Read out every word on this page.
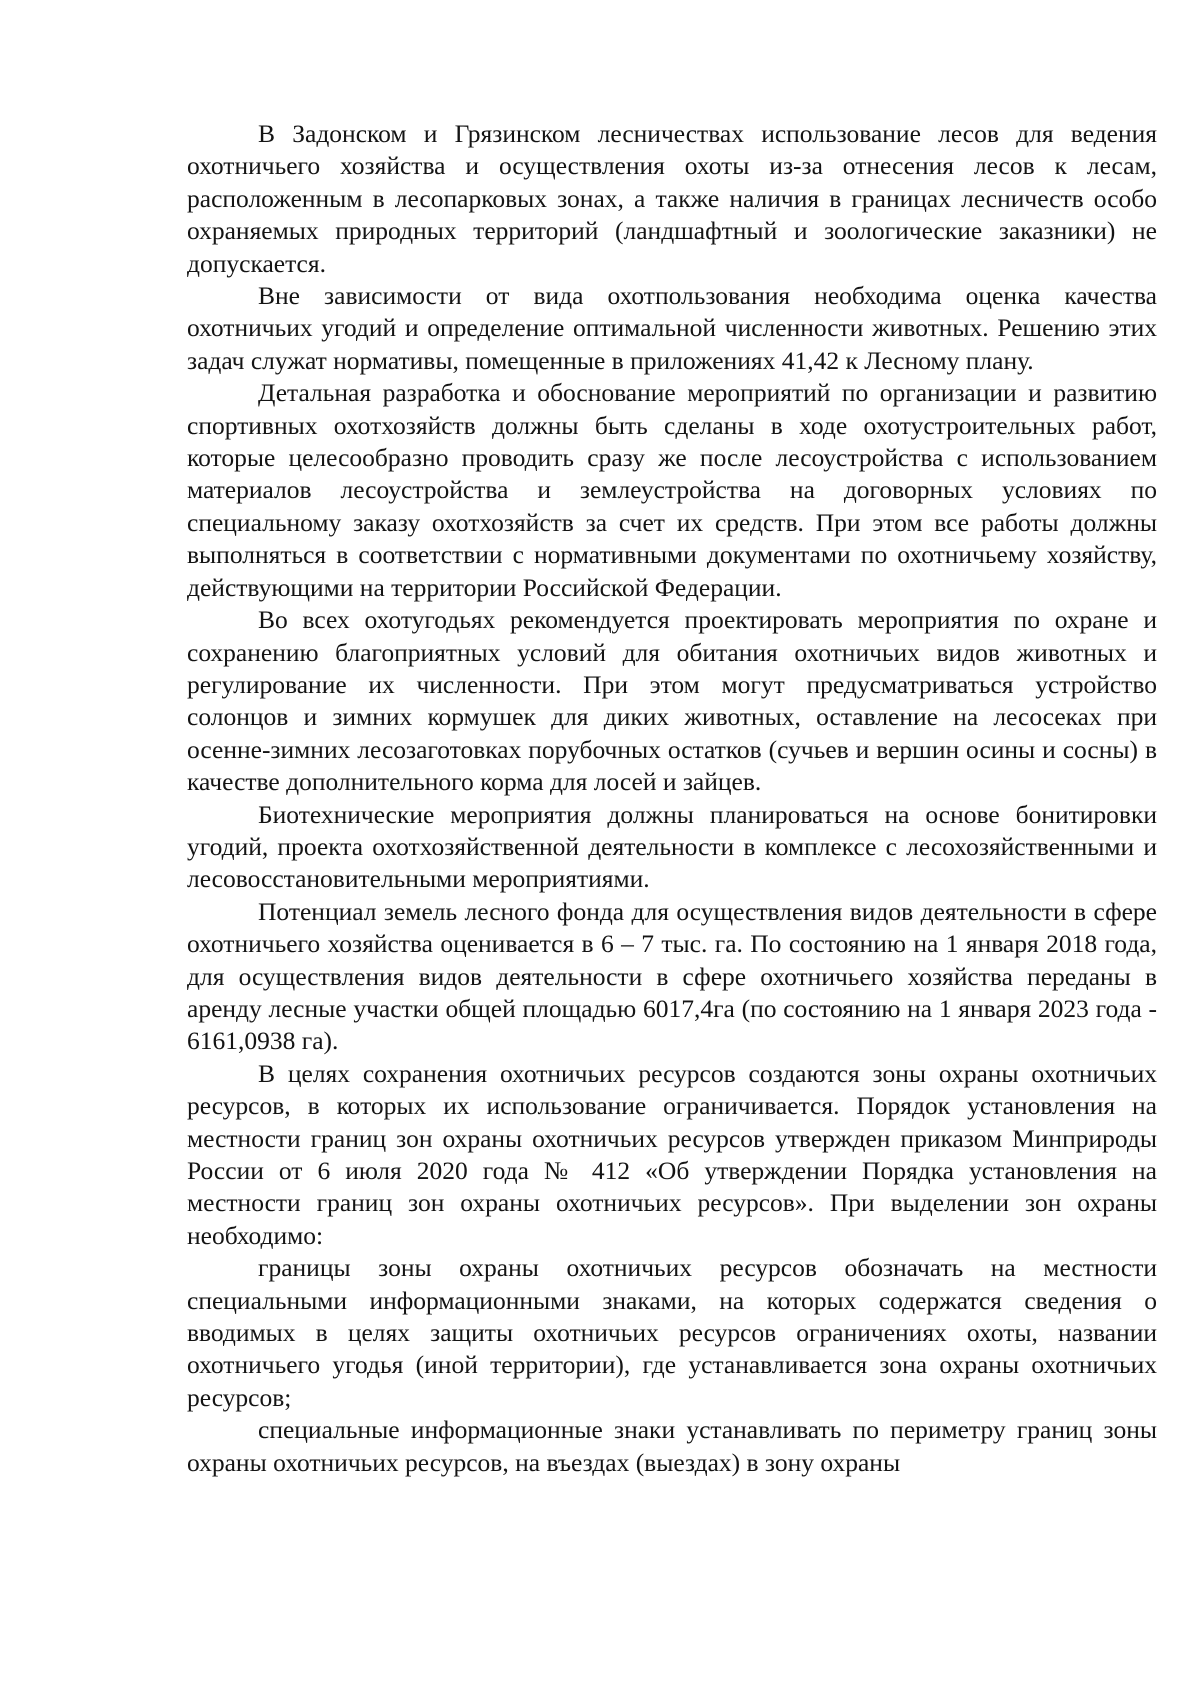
В Задонском и Грязинском лесничествах использование лесов для ведения охотничьего хозяйства и осуществления охоты из-за отнесения лесов к лесам, расположенным в лесопарковых зонах, а также наличия в границах лесничеств особо охраняемых природных территорий (ландшафтный и зоологические заказники) не допускается.

Вне зависимости от вида охотпользования необходима оценка качества охотничьих угодий и определение оптимальной численности животных. Решению этих задач служат нормативы, помещенные в приложениях 41,42 к Лесному плану.

Детальная разработка и обоснование мероприятий по организации и развитию спортивных охотхозяйств должны быть сделаны в ходе охотустроительных работ, которые целесообразно проводить сразу же после лесоустройства с использованием материалов лесоустройства и землеустройства на договорных условиях по специальному заказу охотхозяйств за счет их средств. При этом все работы должны выполняться в соответствии с нормативными документами по охотничьему хозяйству, действующими на территории Российской Федерации.

Во всех охотугодьях рекомендуется проектировать мероприятия по охране и сохранению благоприятных условий для обитания охотничьих видов животных и регулирование их численности. При этом могут предусматриваться устройство солонцов и зимних кормушек для диких животных, оставление на лесосеках при осенне-зимних лесозаготовках порубочных остатков (сучьев и вершин осины и сосны) в качестве дополнительного корма для лосей и зайцев.

Биотехнические мероприятия должны планироваться на основе бонитировки угодий, проекта охотхозяйственной деятельности в комплексе с лесохозяйственными и лесовосстановительными мероприятиями.

Потенциал земель лесного фонда для осуществления видов деятельности в сфере охотничьего хозяйства оценивается в 6 – 7 тыс. га. По состоянию на 1 января 2018 года, для осуществления видов деятельности в сфере охотничьего хозяйства переданы в аренду лесные участки общей площадью 6017,4га (по состоянию на 1 января 2023 года - 6161,0938 га).

В целях сохранения охотничьих ресурсов создаются зоны охраны охотничьих ресурсов, в которых их использование ограничивается. Порядок установления на местности границ зон охраны охотничьих ресурсов утвержден приказом Минприроды России от 6 июля 2020 года № 412 «Об утверждении Порядка установления на местности границ зон охраны охотничьих ресурсов». При выделении зон охраны необходимо:

границы зоны охраны охотничьих ресурсов обозначать на местности специальными информационными знаками, на которых содержатся сведения о вводимых в целях защиты охотничьих ресурсов ограничениях охоты, названии охотничьего угодья (иной территории), где устанавливается зона охраны охотничьих ресурсов;

специальные информационные знаки устанавливать по периметру границ зоны охраны охотничьих ресурсов, на въездах (выездах) в зону охраны
